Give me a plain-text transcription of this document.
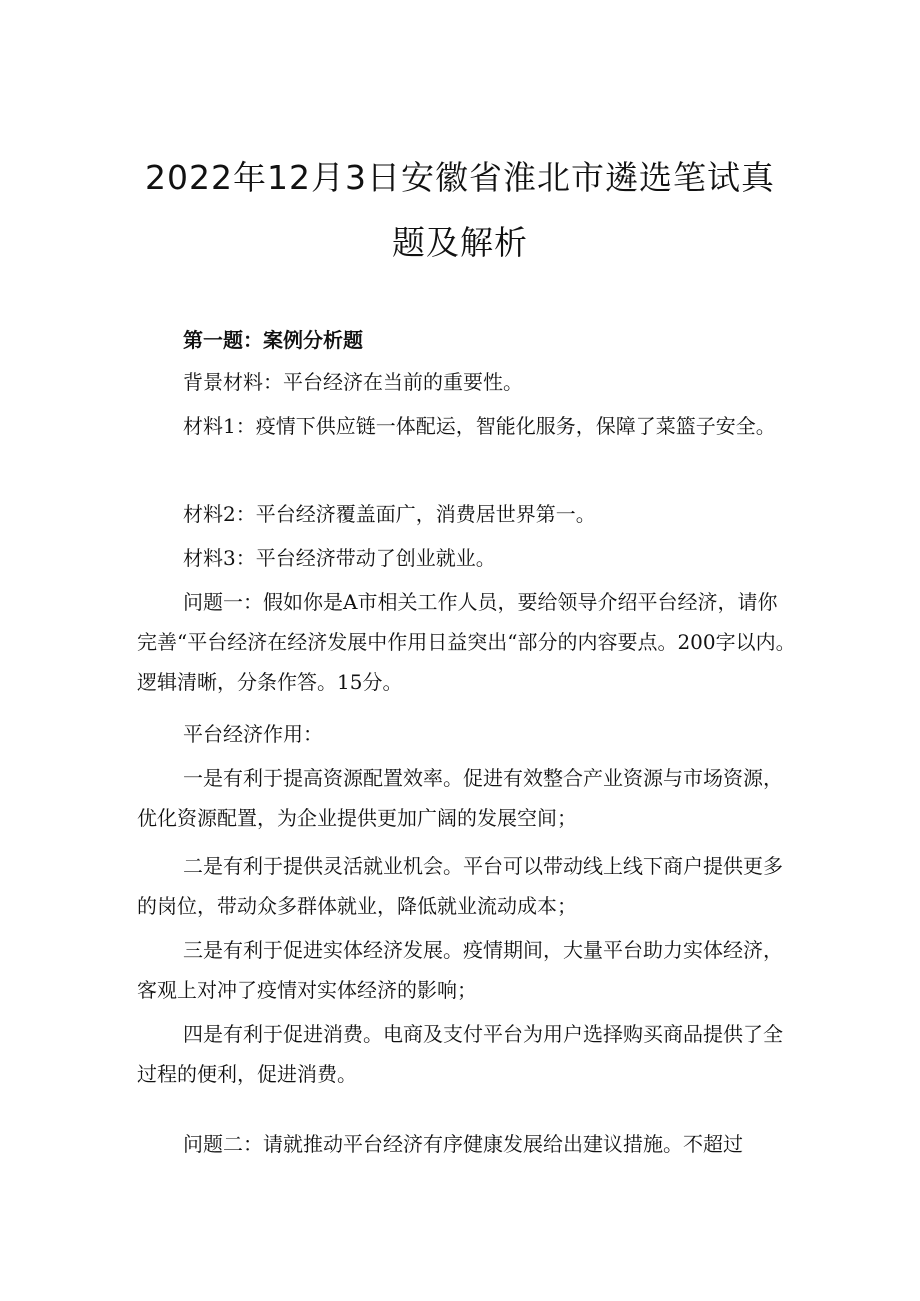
2022年12月3日安徽省淮北市遴选笔试真
题及解析

第一题：案例分析题

背景材料：平台经济在当前的重要性。

材料1：疫情下供应链一体配运，智能化服务，保障了菜篮子安全。

材料2：平台经济覆盖面广，消费居世界第一。

材料3：平台经济带动了创业就业。

问题一：假如你是A市相关工作人员，要给领导介绍平台经济，请你完善“平台经济在经济发展中作用日益突出“部分的内容要点。200字以内。逻辑清晰，分条作答。15分。

平台经济作用：

一是有利于提高资源配置效率。促进有效整合产业资源与市场资源，优化资源配置，为企业提供更加广阔的发展空间；

二是有利于提供灵活就业机会。平台可以带动线上线下商户提供更多的岗位，带动众多群体就业，降低就业流动成本；

三是有利于促进实体经济发展。疫情期间，大量平台助力实体经济，客观上对冲了疫情对实体经济的影响；

四是有利于促进消费。电商及支付平台为用户选择购买商品提供了全过程的便利，促进消费。

问题二：请就推动平台经济有序健康发展给出建议措施。不超过
